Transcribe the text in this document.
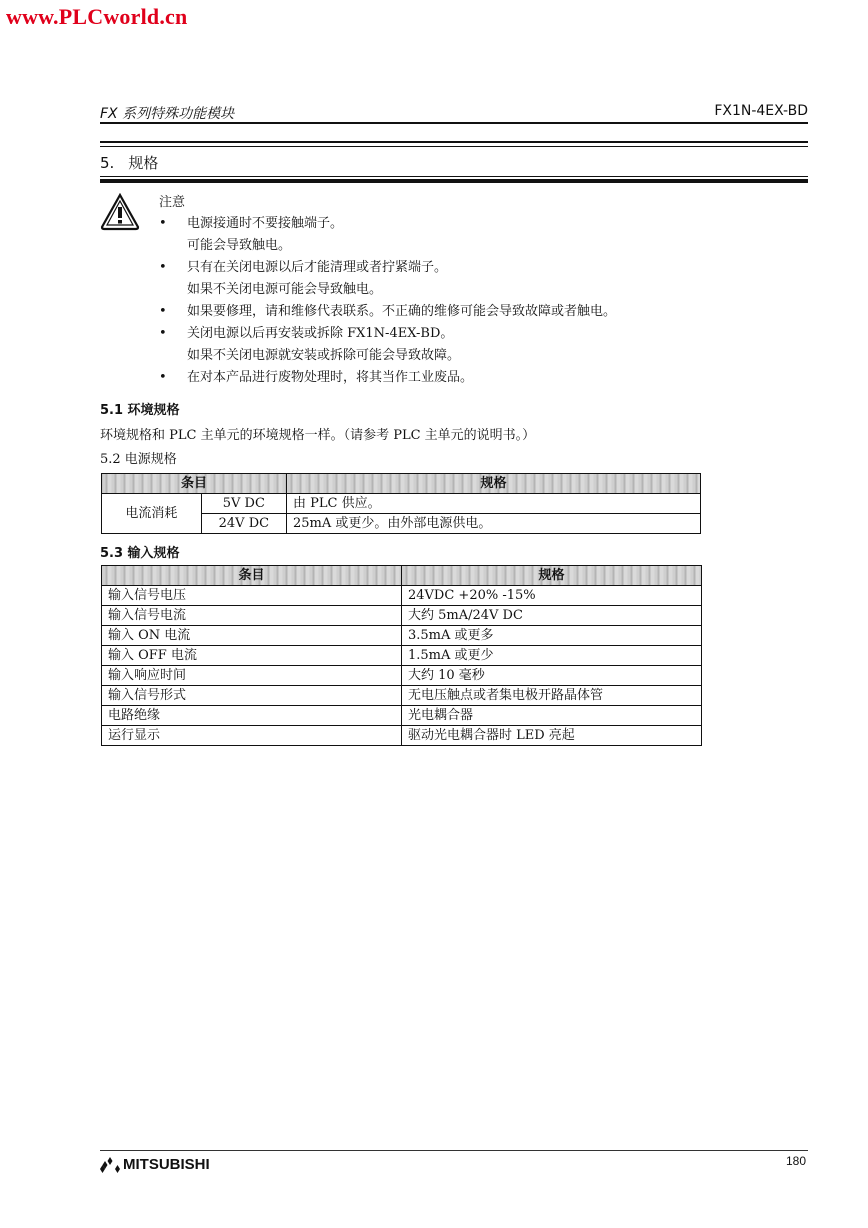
www.PLCworld.cn
FX 系列特殊功能模块	FX1N-4EX-BD
5. 规格
注意
• 电源接通时不要接触端子。
可能会导致触电。
• 只有在关闭电源以后才能清理或者拧紧端子。
如果不关闭电源可能会导致触电。
• 如果要修理，请和维修代表联系。不正确的维修可能会导致故障或者触电。
• 关闭电源以后再安装或拆除 FX1N-4EX-BD。
如果不关闭电源就安装或拆除可能会导致故障。
• 在对本产品进行废物处理时，将其当作工业废品。
5.1 环境规格
环境规格和 PLC 主单元的环境规格一样。（请参考 PLC 主单元的说明书。）
5.2 电源规格
条目		规格
电流消耗	5V DC	由 PLC 供应。
	24V DC	25mA 或更少。由外部电源供电。
5.3 输入规格
条目	规格
输入信号电压	24VDC +20% -15%
输入信号电流	大约 5mA/24V DC
输入 ON 电流	3.5mA 或更多
输入 OFF 电流	1.5mA 或更少
输入响应时间	大约 10 毫秒
输入信号形式	无电压触点或者集电极开路晶体管
电路绝缘	光电耦合器
运行显示	驱动光电耦合器时 LED 亮起
MITSUBISHI	180
